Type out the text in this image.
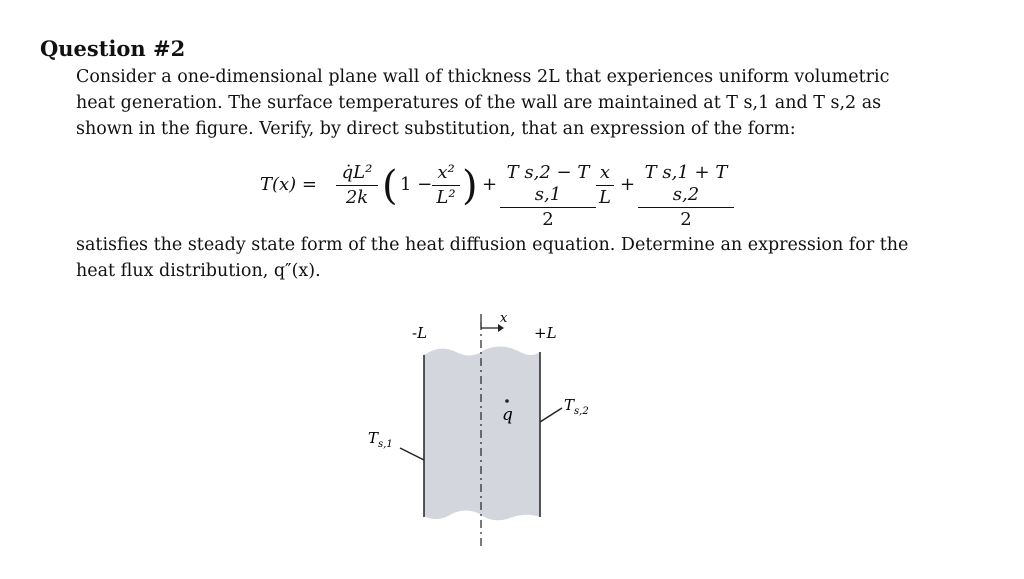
Question #2
Consider a one-dimensional plane wall of thickness 2L that experiences uniform volumetric heat generation. The surface temperatures of the wall are maintained at T s,1 and T s,2 as shown in the figure. Verify, by direct substitution, that an expression of the form:
$T(x) = \frac{\text{q̇L²}}{2k}$ ( $1 - \frac{\text{x²}}{\text{L²}}$ ) + $\frac{\text{T s,2 − T s,1}}{2} \frac{x}{L} + \frac{\text{T s,1 + T s,2}}{2}$
satisfies the steady state form of the heat diffusion equation. Determine an expression for the heat flux distribution, q″(x).
-L	+L
x
q
$T_{s,1}$
$T_{s,2}$
